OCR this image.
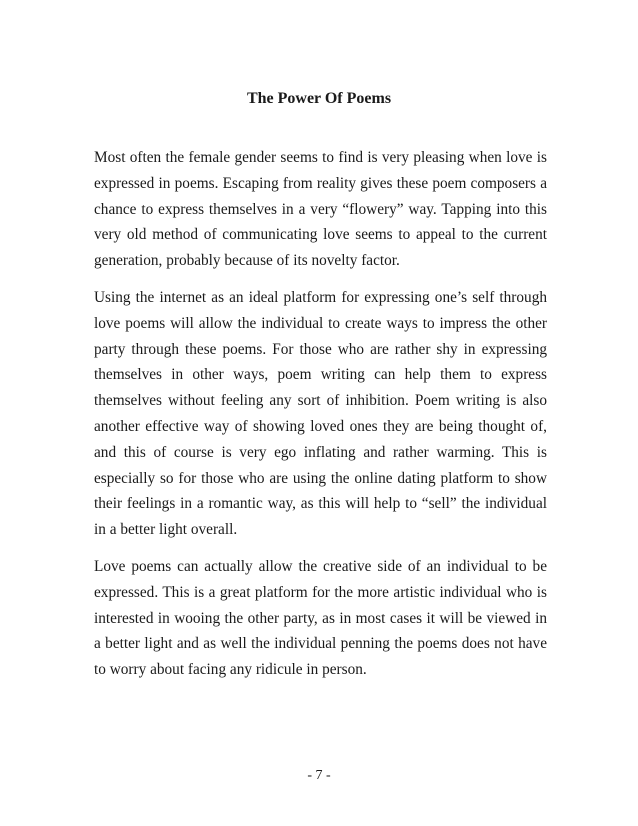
The Power Of Poems

Most often the female gender seems to find is very pleasing when love is expressed in poems. Escaping from reality gives these poem composers a chance to express themselves in a very “flowery” way. Tapping into this very old method of communicating love seems to appeal to the current generation, probably because of its novelty factor.

Using the internet as an ideal platform for expressing one’s self through love poems will allow the individual to create ways to impress the other party through these poems. For those who are rather shy in expressing themselves in other ways, poem writing can help them to express themselves without feeling any sort of inhibition. Poem writing is also another effective way of showing loved ones they are being thought of, and this of course is very ego inflating and rather warming. This is especially so for those who are using the online dating platform to show their feelings in a romantic way, as this will help to “sell” the individual in a better light overall.

Love poems can actually allow the creative side of an individual to be expressed. This is a great platform for the more artistic individual who is interested in wooing the other party, as in most cases it will be viewed in a better light and as well the individual penning the poems does not have to worry about facing any ridicule in person.

- 7 -
